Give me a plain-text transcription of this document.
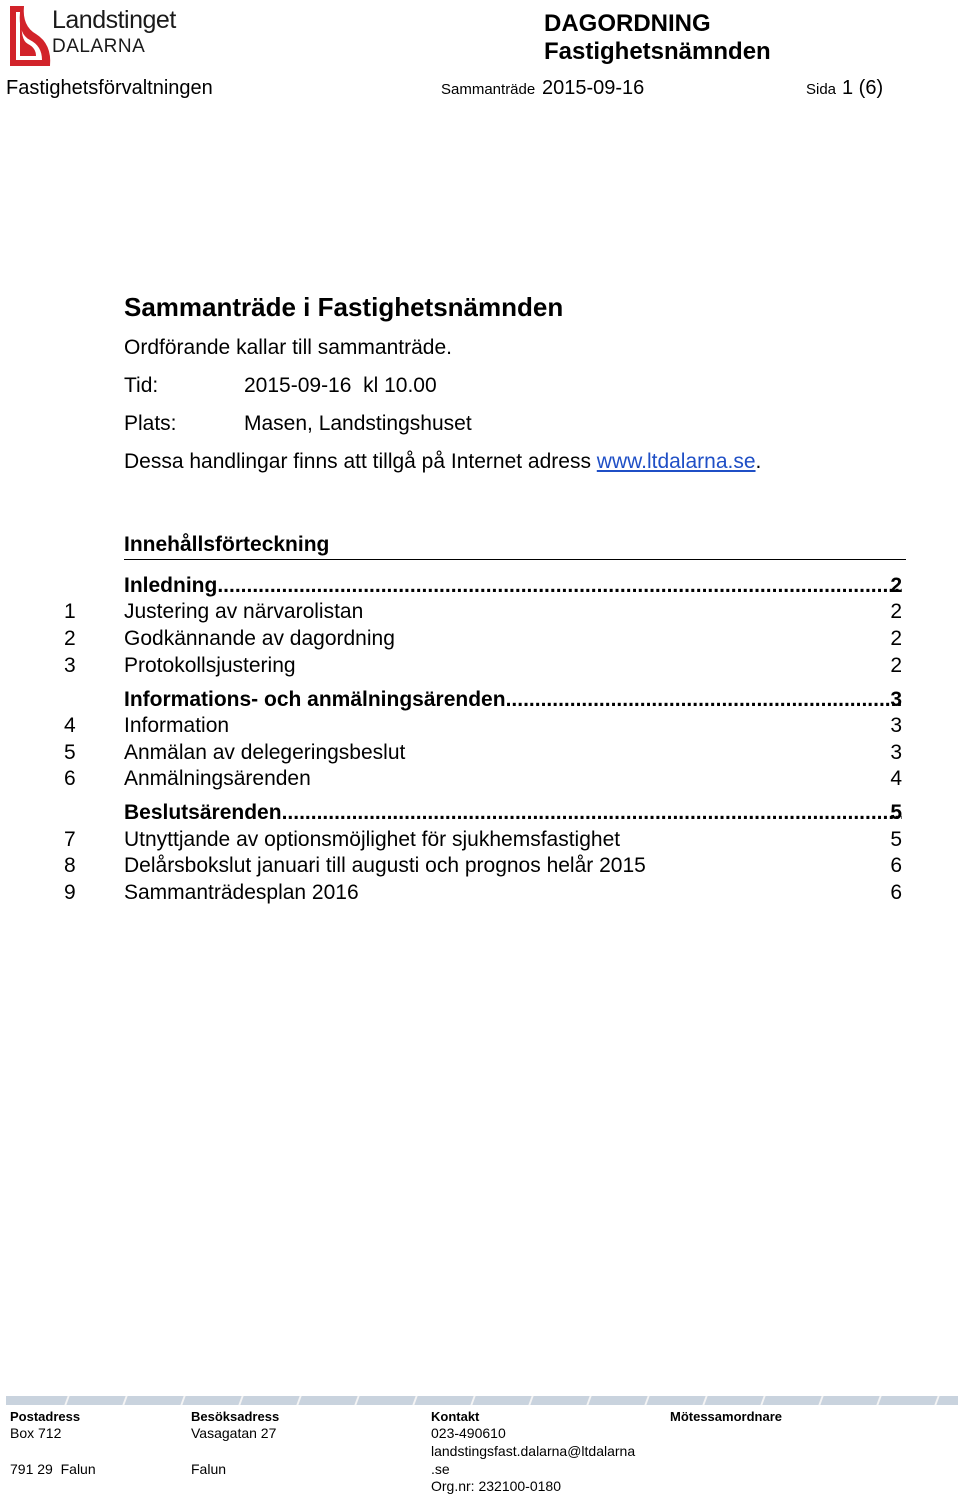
Landstinget
DALARNA
DAGORDNING
Fastighetsnämnden
Fastighetsförvaltningen	Sammanträde 2015-09-16	Sida 1 (6)
Sammanträde i Fastighetsnämnden
Ordförande kallar till sammanträde.
Tid:	2015-09-16  kl 10.00
Plats:	Masen, Landstingshuset
Dessa handlingar finns att tillgå på Internet adress www.ltdalarna.se.
Innehållsförteckning
Inledning .....	2
1 Justering av närvarolistan	2
2 Godkännande av dagordning	2
3 Protokollsjustering	2
Informations- och anmälningsärenden .....	3
4 Information	3
5 Anmälan av delegeringsbeslut	3
6 Anmälningsärenden	4
Beslutsärenden .....	5
7 Utnyttjande av optionsmöjlighet för sjukhemsfastighet	5
8 Delårsbokslut januari till augusti och prognos helår 2015	6
9 Sammanträdesplan 2016	6
Postadress
Box 712
791 29  Falun
Besöksadress
Vasagatan 27
Falun
Kontakt
023-490610
landstingsfast.dalarna@ltdalarna
.se
Org.nr: 232100-0180
Mötessamordnare
